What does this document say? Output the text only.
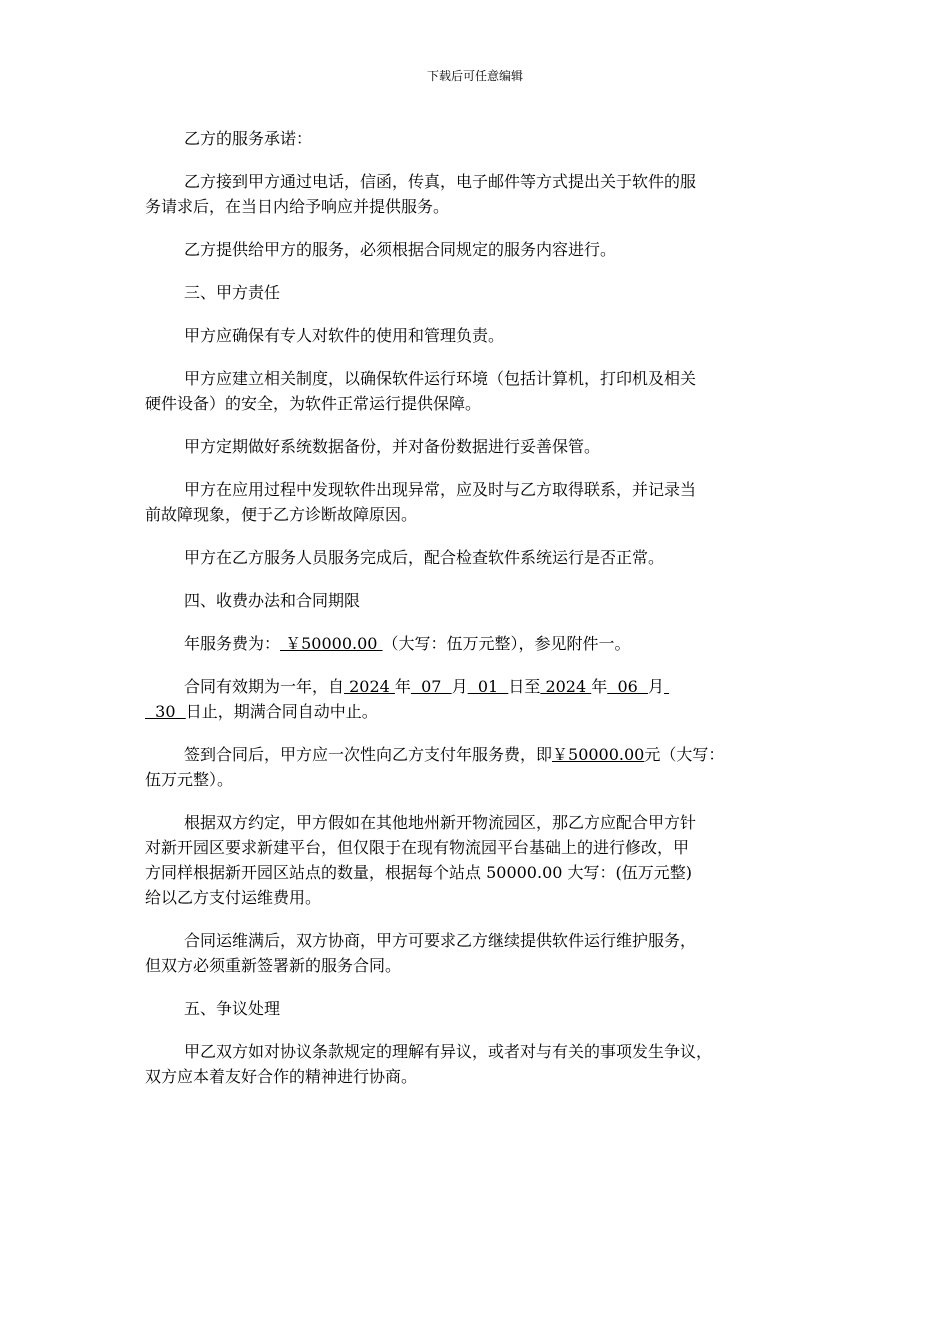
下载后可任意编辑
乙方的服务承诺：
乙方接到甲方通过电话，信函，传真，电子邮件等方式提出关于软件的服
务请求后，在当日内给予响应并提供服务。
乙方提供给甲方的服务，必须根据合同规定的服务内容进行。
三、甲方责任
甲方应确保有专人对软件的使用和管理负责。
甲方应建立相关制度，以确保软件运行环境（包括计算机，打印机及相关
硬件设备）的安全，为软件正常运行提供保障。
甲方定期做好系统数据备份，并对备份数据进行妥善保管。
甲方在应用过程中发现软件出现异常，应及时与乙方取得联系，并记录当
前故障现象，便于乙方诊断故障原因。
甲方在乙方服务人员服务完成后，配合检查软件系统运行是否正常。
四、收费办法和合同期限
年服务费为： ￥50000.00 （大写：伍万元整），参见附件一。
合同有效期为一年，自 2024 年  07  月  01  日至 2024 年  06  月
30  日止，期满合同自动中止。
签到合同后，甲方应一次性向乙方支付年服务费，即￥50000.00元（大写：
伍万元整）。
根据双方约定，甲方假如在其他地州新开物流园区，那乙方应配合甲方针
对新开园区要求新建平台，但仅限于在现有物流园平台基础上的进行修改，甲
方同样根据新开园区站点的数量，根据每个站点 50000.00 大写：(伍万元整)
给以乙方支付运维费用。
合同运维满后，双方协商，甲方可要求乙方继续提供软件运行维护服务，
但双方必须重新签署新的服务合同。
五、争议处理
甲乙双方如对协议条款规定的理解有异议，或者对与有关的事项发生争议，
双方应本着友好合作的精神进行协商。
